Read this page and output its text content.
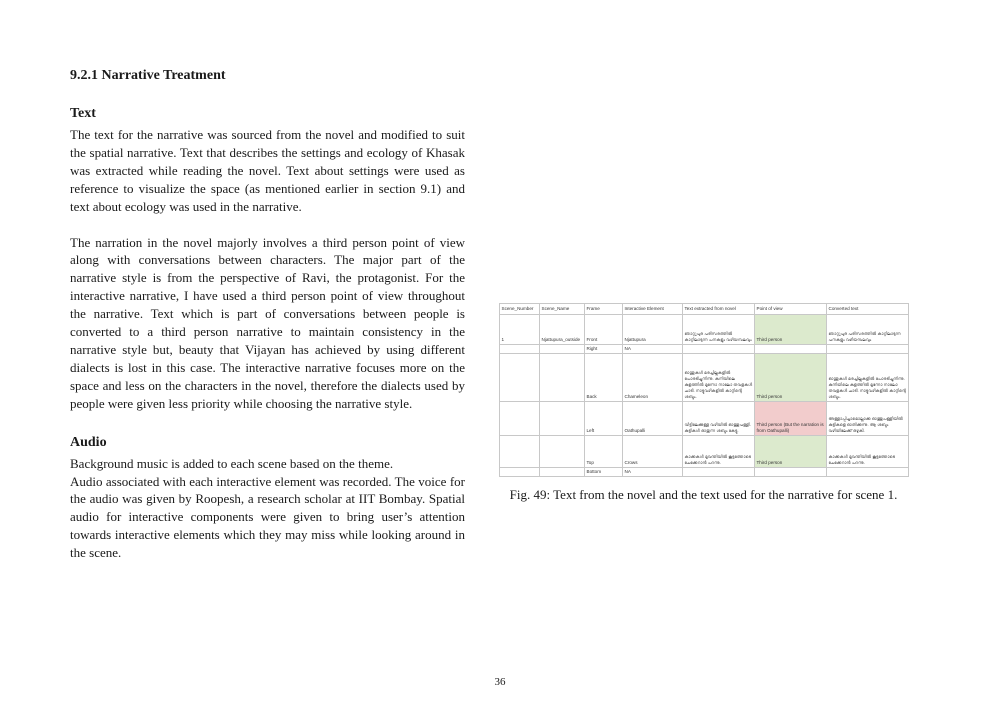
9.2.1 Narrative Treatment
Text

The text for the narrative was sourced from the novel and modified to suit the spatial narrative. Text that describes the settings and ecology of Khasak was extracted while reading the novel. Text about settings were used as reference to visualize the space (as mentioned earlier in section 9.1) and text about ecology was used in the narrative.

The narration in the novel majorly involves a third person point of view along with conversations between characters. The major part of the narrative style is from the perspective of Ravi, the protagonist. For the interactive narrative, I have used a third person point of view throughout the narrative. Text which is part of conversations between people is converted to a third person narrative to maintain consistency in the narrative style but, beauty that Vijayan has achieved by using different dialects is lost in this case. The interactive narrative focuses more on the space and less on the characters in the novel, therefore the dialects used by people were given less priority while choosing the narrative style.

Audio

Background music is added to each scene based on the theme.

Audio associated with each interactive element was recorded. The voice for the audio was given by Roopesh, a research scholar at IIT Bombay. Spatial audio for interactive components were given to bring user’s attention towards interactive elements which they may miss while looking around in the scene.

Scene_Number	Scene_Name	Frame	Interactive Element	Text extracted from novel	Point of view	Converted text
1	Njattupura_outside	Front	Njattupura	ഞാറ്റുപുര പരിസരത്തിൽ കാറ്റിലാടുന്ന പനകളും വഴിയമ്പലവും	Third person	ഞാറ്റുപുര പരിസരത്തിൽ കാറ്റിലാടുന്ന പനകളും വഴിയമ്പലവും
		Right	NA			
		Back	Chameleon	ഓന്തുകൾ മരച്ചില്ലകളിൽ പോരടിച്ചുനിന്നു. കുനിയിലെ കുളത്തിൽ മൂന്നോ നാലോ തവളകൾ ചാടി. നാട്ടുവഴികളിൽ കാറ്റിന്റെ ശബ്ദം.	Third person	ഓന്തുകൾ മരച്ചില്ലകളിൽ പോരടിച്ചുനിന്നു. കുനിയിലെ കുളത്തിൽ മൂന്നോ നാലോ തവളകൾ ചാടി. നാട്ടുവഴികളിൽ കാറ്റിന്റെ ശബ്ദം.
		Left	Oathupalli	വീട്ടിലേക്കുള്ള വഴിയിൽ ഓത്തുപള്ളി. കുട്ടികൾ ഓതുന്ന ശബ്ദം കേട്ടു.	Third person (But the narration is from Oathupalli)	അള്ളാപ്പിച്ചാമൊല്ലാക്ക ഓത്തുപള്ളിയിൽ കുട്ടികളെ ഓതിക്കുന്നു. ആ ശബ്ദം വഴിയിലേക്ക് ഒഴുകി.
		Top	Crows	കാക്കകൾ മൂവന്തിയിൽ കൂട്ടത്തോടെ ചേക്കേറാൻ പറന്നു.	Third person	കാക്കകൾ മൂവന്തിയിൽ കൂട്ടത്തോടെ ചേക്കേറാൻ പറന്നു.
		Bottom	NA			
Fig. 49: Text from the novel and the text used for the narrative for scene 1.
36
